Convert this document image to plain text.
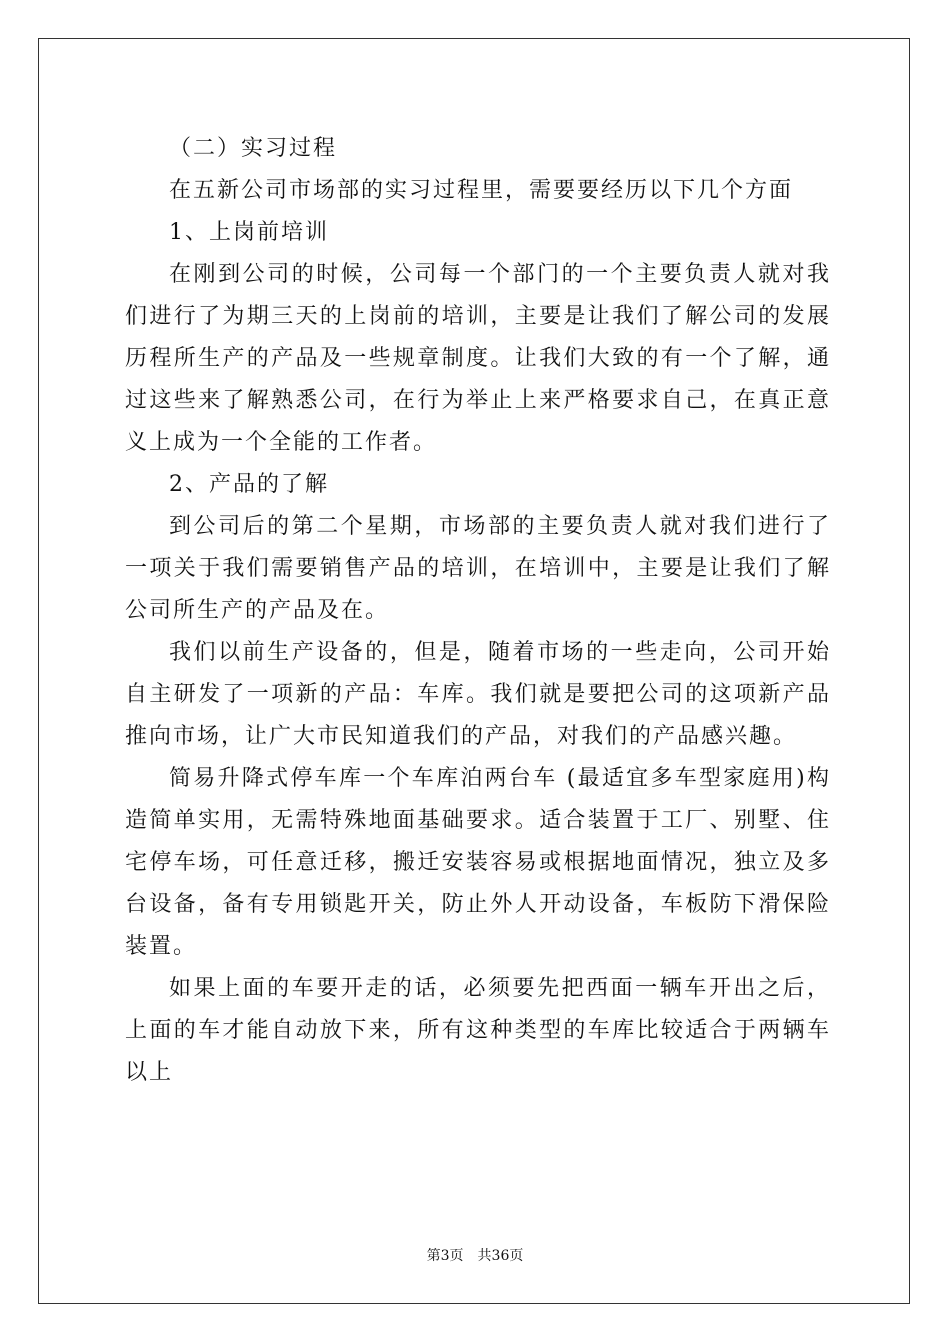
（二）实习过程

在五新公司市场部的实习过程里，需要要经历以下几个方面

1、上岗前培训

在刚到公司的时候，公司每一个部门的一个主要负责人就对我们进行了为期三天的上岗前的培训，主要是让我们了解公司的发展历程所生产的产品及一些规章制度。让我们大致的有一个了解，通过这些来了解熟悉公司，在行为举止上来严格要求自己，在真正意义上成为一个全能的工作者。

2、产品的了解

到公司后的第二个星期，市场部的主要负责人就对我们进行了一项关于我们需要销售产品的培训，在培训中，主要是让我们了解公司所生产的产品及在。

我们以前生产设备的，但是，随着市场的一些走向，公司开始自主研发了一项新的产品：车库。我们就是要把公司的这项新产品推向市场，让广大市民知道我们的产品，对我们的产品感兴趣。

简易升降式停车库一个车库泊两台车 (最适宜多车型家庭用)构造简单实用，无需特殊地面基础要求。适合装置于工厂、别墅、住宅停车场，可任意迁移，搬迁安装容易或根据地面情况，独立及多台设备，备有专用锁匙开关，防止外人开动设备，车板防下滑保险装置。

如果上面的车要开走的话，必须要先把西面一辆车开出之后，上面的车才能自动放下来，所有这种类型的车库比较适合于两辆车以上

第3页 共36页
